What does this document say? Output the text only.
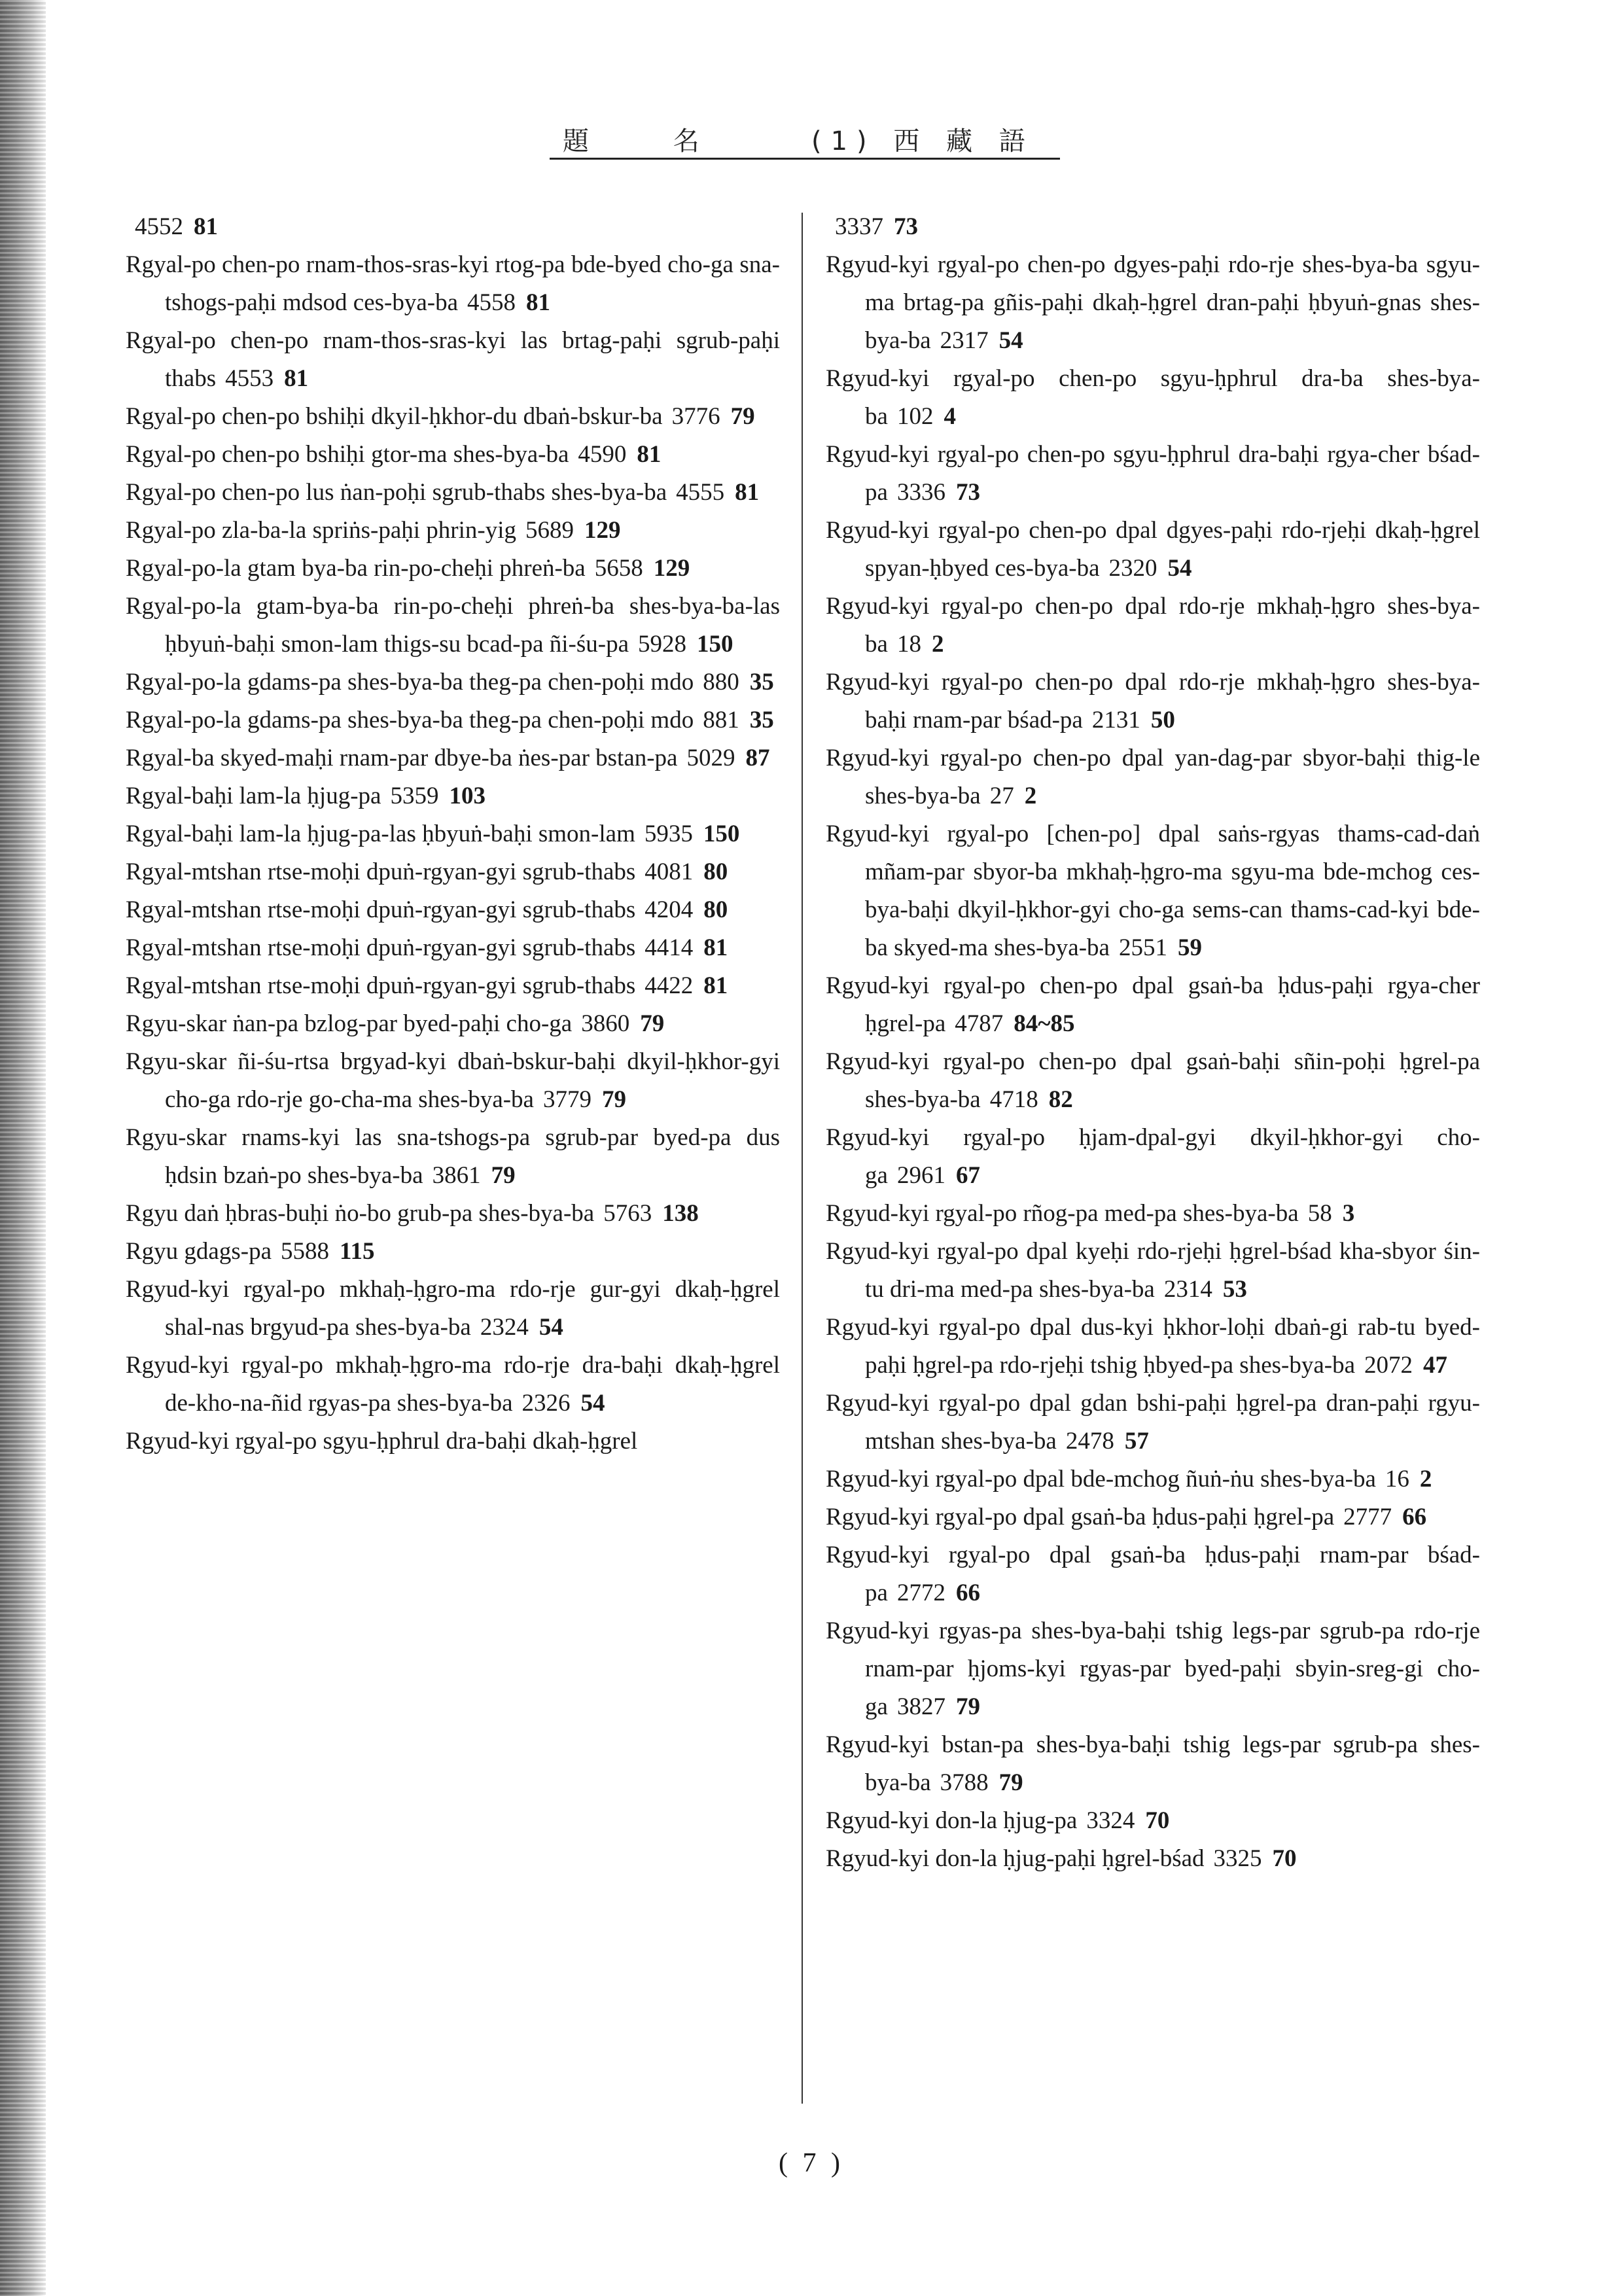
題 名	(1) 西 藏 語
4552 81
Rgyal-po chen-po rnam-thos-sras-kyi rtog-pa bde-byed cho-ga sna-tshogs-paḥi mdsod ces-bya-ba 4558 81
Rgyal-po chen-po rnam-thos-sras-kyi las brtag-paḥi sgrub-paḥi thabs 4553 81
Rgyal-po chen-po bshiḥi dkyil-ḥkhor-du dbaṅ-bskur-ba 3776 79
Rgyal-po chen-po bshiḥi gtor-ma shes-bya-ba 4590 81
Rgyal-po chen-po lus ṅan-poḥi sgrub-thabs shes-bya-ba 4555 81
Rgyal-po zla-ba-la spriṅs-paḥi phrin-yig 5689 129
Rgyal-po-la gtam bya-ba rin-po-cheḥi phreṅ-ba 5658 129
Rgyal-po-la gtam-bya-ba rin-po-cheḥi phreṅ-ba shes-bya-ba-las ḥbyuṅ-baḥi smon-lam thigs-su bcad-pa ñi-śu-pa 5928 150
Rgyal-po-la gdams-pa shes-bya-ba theg-pa chen-poḥi mdo 880 35
Rgyal-po-la gdams-pa shes-bya-ba theg-pa chen-poḥi mdo 881 35
Rgyal-ba skyed-maḥi rnam-par dbye-ba ṅes-par bstan-pa 5029 87
Rgyal-baḥi lam-la ḥjug-pa 5359 103
Rgyal-baḥi lam-la ḥjug-pa-las ḥbyuṅ-baḥi smon-lam 5935 150
Rgyal-mtshan rtse-moḥi dpuṅ-rgyan-gyi sgrub-thabs 4081 80
Rgyal-mtshan rtse-moḥi dpuṅ-rgyan-gyi sgrub-thabs 4204 80
Rgyal-mtshan rtse-moḥi dpuṅ-rgyan-gyi sgrub-thabs 4414 81
Rgyal-mtshan rtse-moḥi dpuṅ-rgyan-gyi sgrub-thabs 4422 81
Rgyu-skar ṅan-pa bzlog-par byed-paḥi cho-ga 3860 79
Rgyu-skar ñi-śu-rtsa brgyad-kyi dbaṅ-bskur-baḥi dkyil-ḥkhor-gyi cho-ga rdo-rje go-cha-ma shes-bya-ba 3779 79
Rgyu-skar rnams-kyi las sna-tshogs-pa sgrub-par byed-pa dus ḥdsin bzaṅ-po shes-bya-ba 3861 79
Rgyu daṅ ḥbras-buḥi ṅo-bo grub-pa shes-bya-ba 5763 138
Rgyu gdags-pa 5588 115
Rgyud-kyi rgyal-po mkhaḥ-ḥgro-ma rdo-rje gur-gyi dkaḥ-ḥgrel shal-nas brgyud-pa shes-bya-ba 2324 54
Rgyud-kyi rgyal-po mkhaḥ-ḥgro-ma rdo-rje dra-baḥi dkaḥ-ḥgrel de-kho-na-ñid rgyas-pa shes-bya-ba 2326 54
Rgyud-kyi rgyal-po sgyu-ḥphrul dra-baḥi dkaḥ-ḥgrel
3337 73
Rgyud-kyi rgyal-po chen-po dgyes-paḥi rdo-rje shes-bya-ba sgyu-ma brtag-pa gñis-paḥi dkaḥ-ḥgrel dran-paḥi ḥbyuṅ-gnas shes-bya-ba 2317 54
Rgyud-kyi rgyal-po chen-po sgyu-ḥphrul dra-ba shes-bya-ba 102 4
Rgyud-kyi rgyal-po chen-po sgyu-ḥphrul dra-baḥi rgya-cher bśad-pa 3336 73
Rgyud-kyi rgyal-po chen-po dpal dgyes-paḥi rdo-rjeḥi dkaḥ-ḥgrel spyan-ḥbyed ces-bya-ba 2320 54
Rgyud-kyi rgyal-po chen-po dpal rdo-rje mkhaḥ-ḥgro shes-bya-ba 18 2
Rgyud-kyi rgyal-po chen-po dpal rdo-rje mkhaḥ-ḥgro shes-bya-baḥi rnam-par bśad-pa 2131 50
Rgyud-kyi rgyal-po chen-po dpal yan-dag-par sbyor-baḥi thig-le shes-bya-ba 27 2
Rgyud-kyi rgyal-po [chen-po] dpal saṅs-rgyas thams-cad-daṅ mñam-par sbyor-ba mkhaḥ-ḥgro-ma sgyu-ma bde-mchog ces-bya-baḥi dkyil-ḥkhor-gyi cho-ga sems-can thams-cad-kyi bde-ba skyed-ma shes-bya-ba 2551 59
Rgyud-kyi rgyal-po chen-po dpal gsaṅ-ba ḥdus-paḥi rgya-cher ḥgrel-pa 4787 84~85
Rgyud-kyi rgyal-po chen-po dpal gsaṅ-baḥi sñin-poḥi ḥgrel-pa shes-bya-ba 4718 82
Rgyud-kyi rgyal-po ḥjam-dpal-gyi dkyil-ḥkhor-gyi cho-ga 2961 67
Rgyud-kyi rgyal-po rñog-pa med-pa shes-bya-ba 58 3
Rgyud-kyi rgyal-po dpal kyeḥi rdo-rjeḥi ḥgrel-bśad kha-sbyor śin-tu dri-ma med-pa shes-bya-ba 2314 53
Rgyud-kyi rgyal-po dpal dus-kyi ḥkhor-loḥi dbaṅ-gi rab-tu byed-paḥi ḥgrel-pa rdo-rjeḥi tshig ḥbyed-pa shes-bya-ba 2072 47
Rgyud-kyi rgyal-po dpal gdan bshi-paḥi ḥgrel-pa dran-paḥi rgyu-mtshan shes-bya-ba 2478 57
Rgyud-kyi rgyal-po dpal bde-mchog ñuṅ-ṅu shes-bya-ba 16 2
Rgyud-kyi rgyal-po dpal gsaṅ-ba ḥdus-paḥi ḥgrel-pa 2777 66
Rgyud-kyi rgyal-po dpal gsaṅ-ba ḥdus-paḥi rnam-par bśad-pa 2772 66
Rgyud-kyi rgyas-pa shes-bya-baḥi tshig legs-par sgrub-pa rdo-rje rnam-par ḥjoms-kyi rgyas-par byed-paḥi sbyin-sreg-gi cho-ga 3827 79
Rgyud-kyi bstan-pa shes-bya-baḥi tshig legs-par sgrub-pa shes-bya-ba 3788 79
Rgyud-kyi don-la ḥjug-pa 3324 70
Rgyud-kyi don-la ḥjug-paḥi ḥgrel-bśad 3325 70
( 7 )
